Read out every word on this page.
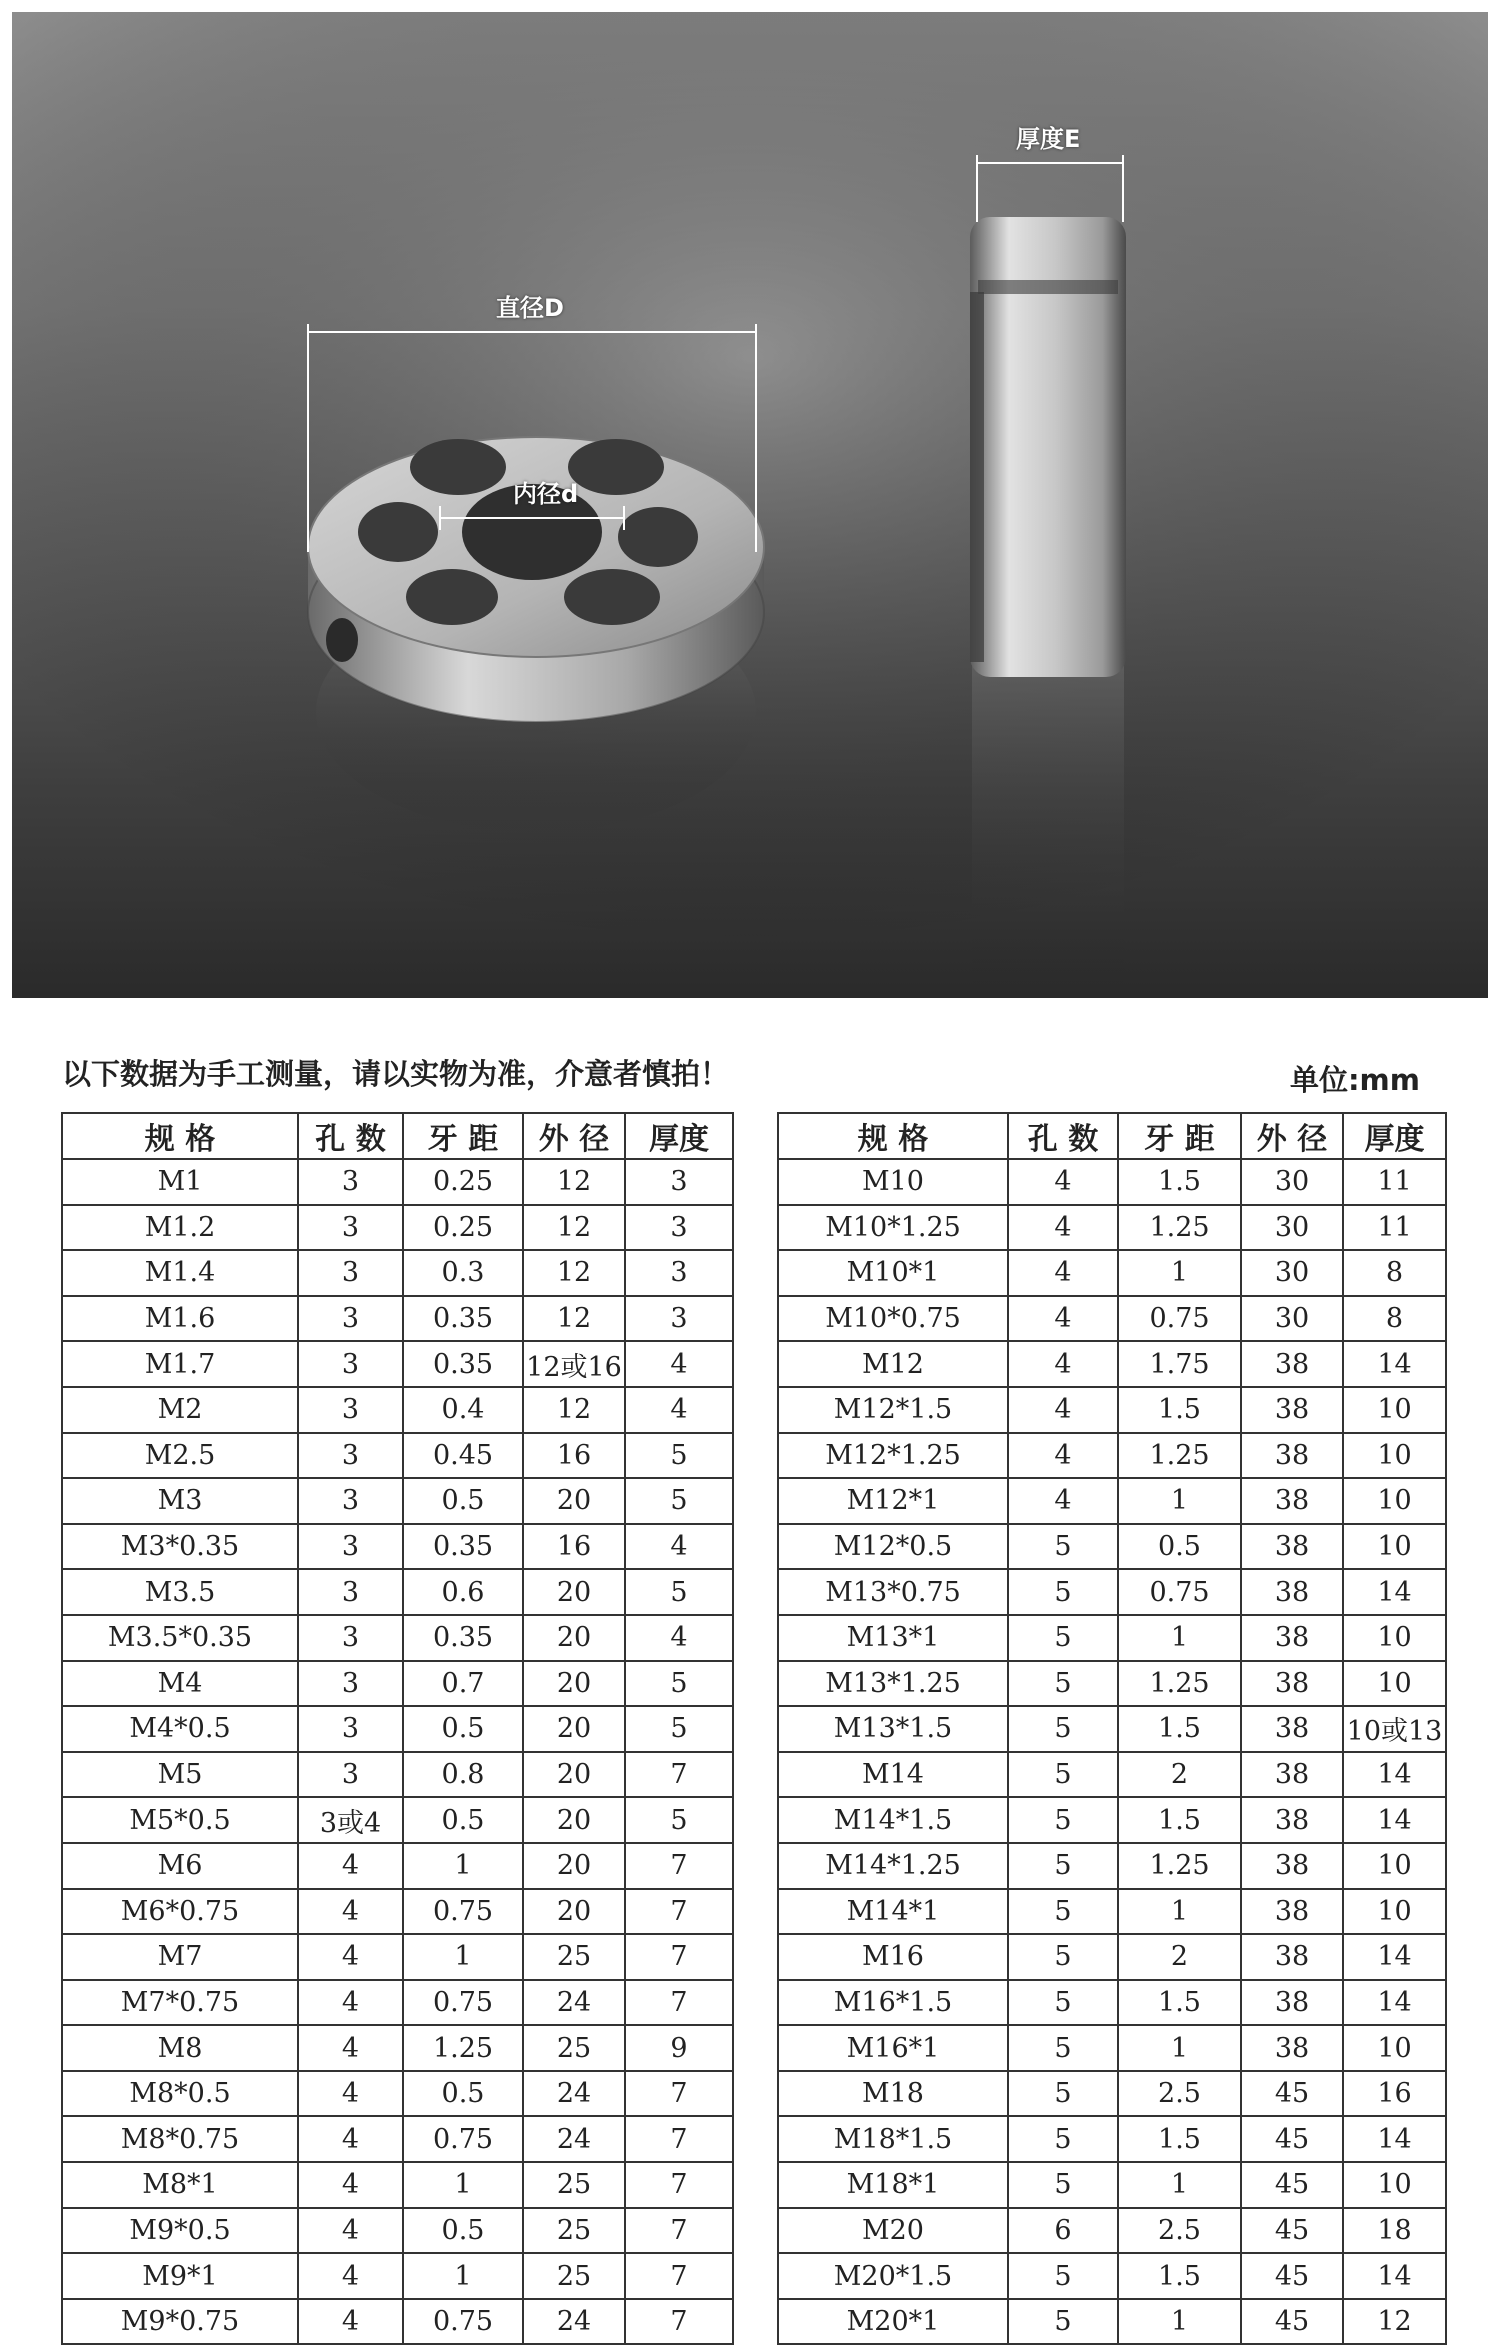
直径D
内径d
厚度E
以下数据为手工测量，请以实物为准，介意者慎拍！	单位:mm
规 格	孔 数	牙 距	外 径	厚度
M1	3	0.25	12	3
M1.2	3	0.25	12	3
M1.4	3	0.3	12	3
M1.6	3	0.35	12	3
M1.7	3	0.35	12或16	4
M2	3	0.4	12	4
M2.5	3	0.45	16	5
M3	3	0.5	20	5
M3*0.35	3	0.35	16	4
M3.5	3	0.6	20	5
M3.5*0.35	3	0.35	20	4
M4	3	0.7	20	5
M4*0.5	3	0.5	20	5
M5	3	0.8	20	7
M5*0.5	3或4	0.5	20	5
M6	4	1	20	7
M6*0.75	4	0.75	20	7
M7	4	1	25	7
M7*0.75	4	0.75	24	7
M8	4	1.25	25	9
M8*0.5	4	0.5	24	7
M8*0.75	4	0.75	24	7
M8*1	4	1	25	7
M9*0.5	4	0.5	25	7
M9*1	4	1	25	7
M9*0.75	4	0.75	24	7
规 格	孔 数	牙 距	外 径	厚度
M10	4	1.5	30	11
M10*1.25	4	1.25	30	11
M10*1	4	1	30	8
M10*0.75	4	0.75	30	8
M12	4	1.75	38	14
M12*1.5	4	1.5	38	10
M12*1.25	4	1.25	38	10
M12*1	4	1	38	10
M12*0.5	5	0.5	38	10
M13*0.75	5	0.75	38	14
M13*1	5	1	38	10
M13*1.25	5	1.25	38	10
M13*1.5	5	1.5	38	10或13
M14	5	2	38	14
M14*1.5	5	1.5	38	14
M14*1.25	5	1.25	38	10
M14*1	5	1	38	10
M16	5	2	38	14
M16*1.5	5	1.5	38	14
M16*1	5	1	38	10
M18	5	2.5	45	16
M18*1.5	5	1.5	45	14
M18*1	5	1	45	10
M20	6	2.5	45	18
M20*1.5	5	1.5	45	14
M20*1	5	1	45	12
